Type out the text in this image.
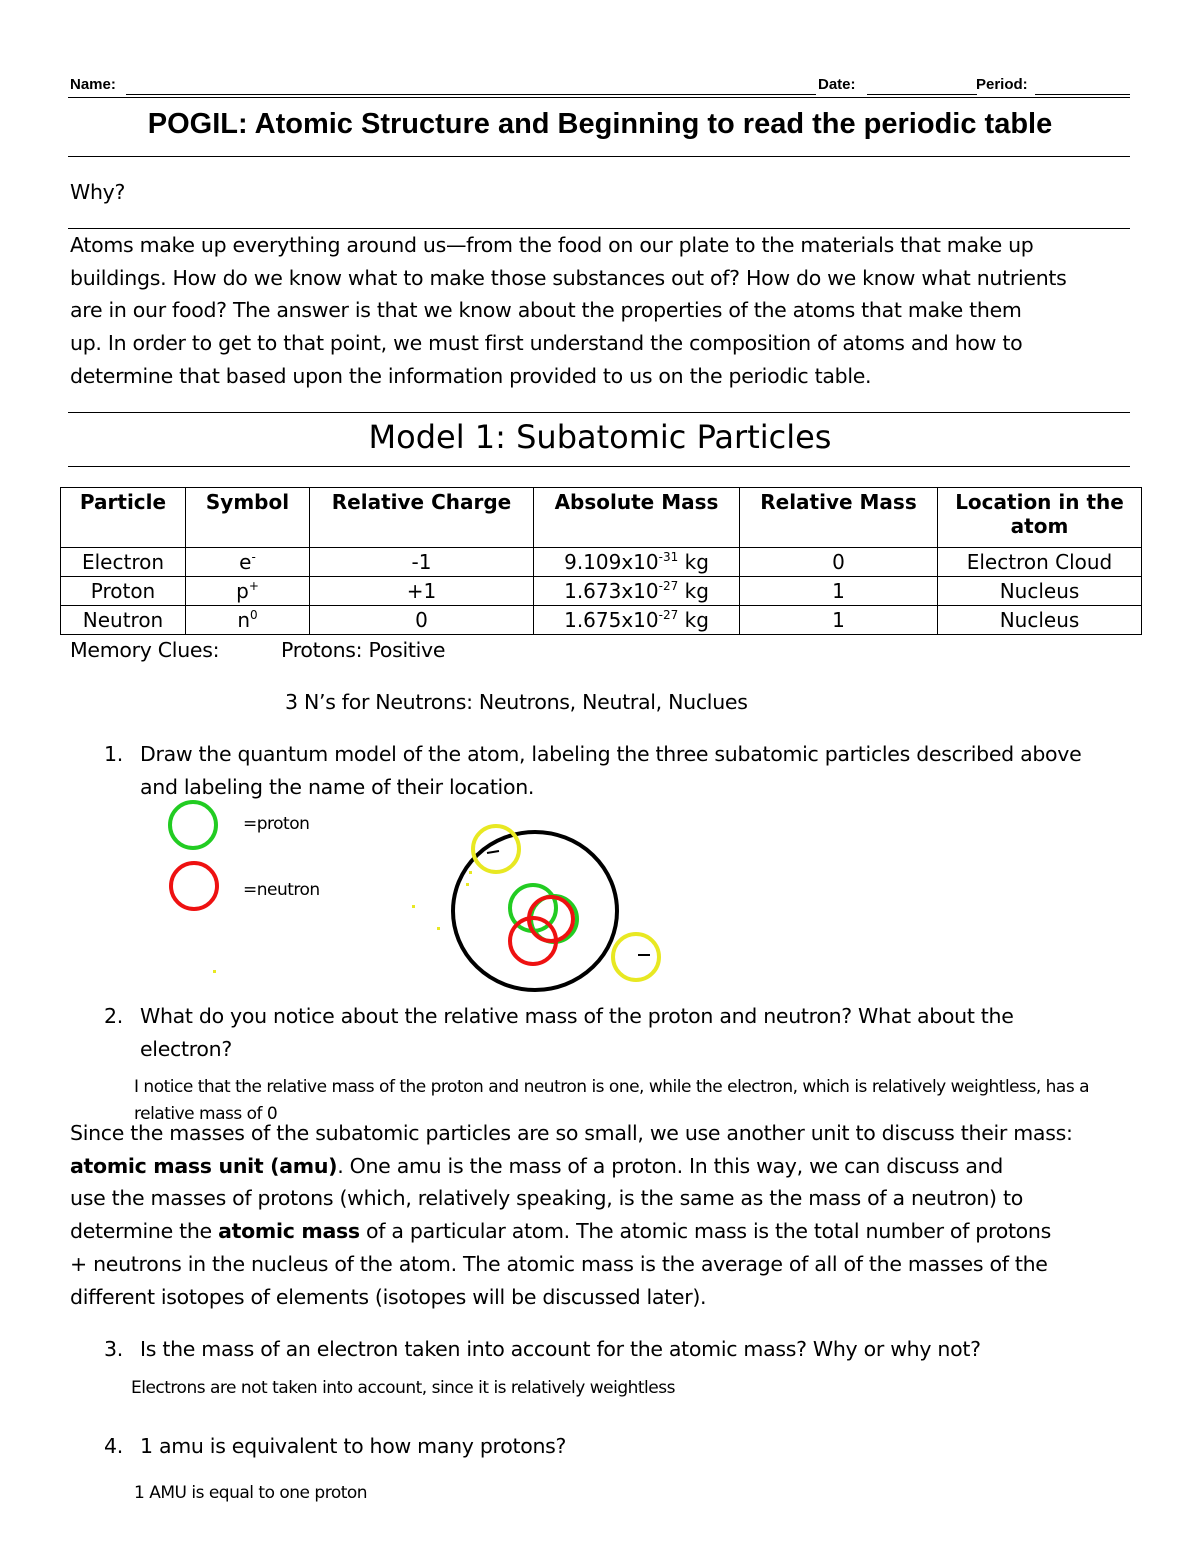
Name:	Date:	Period:
POGIL: Atomic Structure and Beginning to read the periodic table
Why?
Atoms make up everything around us—from the food on our plate to the materials that make up
buildings. How do we know what to make those substances out of? How do we know what nutrients
are in our food? The answer is that we know about the properties of the atoms that make them
up. In order to get to that point, we must first understand the composition of atoms and how to
determine that based upon the information provided to us on the periodic table.
Model 1: Subatomic Particles
Particle	Symbol	Relative Charge	Absolute Mass	Relative Mass	Location in the atom
Electron	e-	-1	$9.109x10^{-31}$ kg	0	Electron Cloud
Proton	p+	+1	$1.673x10^{-27}$ kg	1	Nucleus
Neutron	$n^0$	0	$1.675x10^{-27}$ kg	1	Nucleus
Memory Clues:	Protons: Positive
3 N’s for Neutrons: Neutrons, Neutral, Nuclues
1. Draw the quantum model of the atom, labeling the three subatomic particles described above
and labeling the name of their location.
=proton
=neutron
2. What do you notice about the relative mass of the proton and neutron? What about the
electron?
I notice that the relative mass of the proton and neutron is one, while the electron, which is relatively weightless, has a
relative mass of 0
Since the masses of the subatomic particles are so small, we use another unit to discuss their mass:
atomic mass unit (amu). One amu is the mass of a proton. In this way, we can discuss and
use the masses of protons (which, relatively speaking, is the same as the mass of a neutron) to
determine the atomic mass of a particular atom. The atomic mass is the total number of protons
+ neutrons in the nucleus of the atom. The atomic mass is the average of all of the masses of the
different isotopes of elements (isotopes will be discussed later).
3. Is the mass of an electron taken into account for the atomic mass? Why or why not?
Electrons are not taken into account, since it is relatively weightless
4. 1 amu is equivalent to how many protons?
1 AMU is equal to one proton
